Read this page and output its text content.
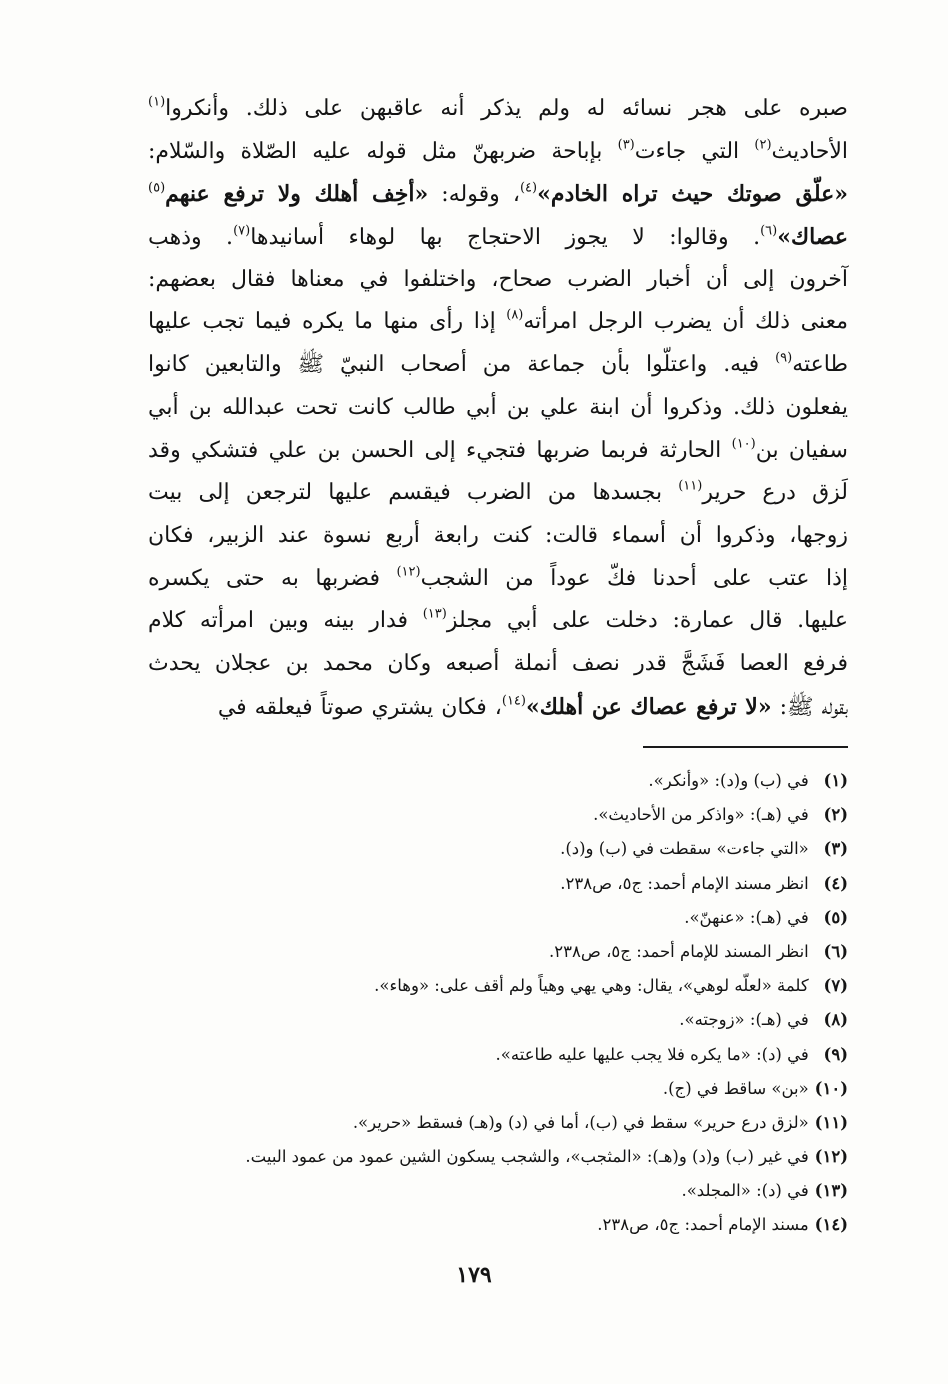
صبره على هجر نسائه له ولم يذكر أنه عاقبهن على ذلك. وأنكروا$^{(١)}$
الأحاديث$^{(٢)}$ التي جاءت$^{(٣)}$ بإباحة ضربهنّ مثل قوله عليه الصّلاة والسّلام:
«علّق صوتك حيث تراه الخادم»$^{(٤)}$، وقوله: «أخِف أهلك ولا ترفع عنهم$^{(٥)}$
عصاك»$^{(٦)}$. وقالوا: لا يجوز الاحتجاج بها لوهاء أسانيدها$^{(٧)}$. وذهب
آخرون إلى أن أخبار الضرب صحاح، واختلفوا في معناها فقال بعضهم:
معنى ذلك أن يضرب الرجل امرأته$^{(٨)}$ إذا رأى منها ما يكره فيما تجب عليها
طاعته$^{(٩)}$ فيه. واعتلّوا بأن جماعة من أصحاب النبيّ ﷺ والتابعين كانوا
يفعلون ذلك. وذكروا أن ابنة علي بن أبي طالب كانت تحت عبدالله بن أبي
سفيان بن$^{(١٠)}$ الحارثة فربما ضربها فتجيء إلى الحسن بن علي فتشكي وقد
لَزق درع حرير$^{(١١)}$ بجسدها من الضرب فيقسم عليها لترجعن إلى بيت
زوجها، وذكروا أن أسماء قالت: كنت رابعة أربع نسوة عند الزبير، فكان
إذا عتب على أحدنا فكّ عوداً من الشجب$^{(١٢)}$ فضربها به حتى يكسره
عليها. قال عمارة: دخلت على أبي مجلز$^{(١٣)}$ فدار بينه وبين امرأته كلام
فرفع العصا فَشَجَّ قدر نصف أنملة أصبعه وكان محمد بن عجلان يحدث
بقوله ﷺ: «لا ترفع عصاك عن أهلك»$^{(١٤)}$، فكان يشتري صوتاً فيعلقه في
(١) في (ب) و(د): «وأنكر».
(٢) في (هـ): «واذكر من الأحاديث».
(٣) «التي جاءت» سقطت في (ب) و(د).
(٤) انظر مسند الإمام أحمد: ج٥، ص٢٣٨.
(٥) في (هـ): «عنهنّ».
(٦) انظر المسند للإمام أحمد: ج٥، ص٢٣٨.
(٧) كلمة «لعلّه لوهي»، يقال: وهي يهي وهياً ولم أقف على: «وهاء».
(٨) في (هـ): «زوجته».
(٩) في (د): «ما يكره فلا يجب عليها عليه طاعته».
(١٠) «بن» ساقط في (ج).
(١١) «لزق درع حرير» سقط في (ب)، أما في (د) و(هـ) فسقط «حرير».
(١٢) في غير (ب) و(د) و(هـ): «المثجب»، والشجب يسكون الشين عمود من عمود البيت.
(١٣) في (د): «المجلد».
(١٤) مسند الإمام أحمد: ج٥، ص٢٣٨.
١٧٩
